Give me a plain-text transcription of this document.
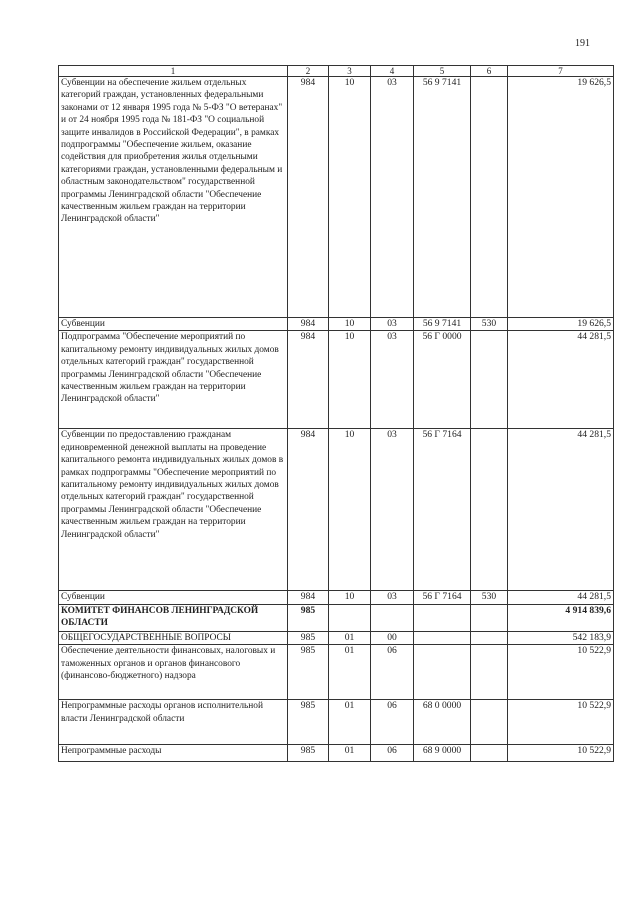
191
1	2	3	4	5	6	7
Субвенции на обеспечение жильем отдельных категорий граждан, установленных федеральными законами от 12 января 1995 года № 5-ФЗ "О ветеранах" и от 24 ноября 1995 года № 181-ФЗ "О социальной защите инвалидов в Российской Федерации", в рамках подпрограммы "Обеспечение жильем, оказание содействия для приобретения жилья отдельными категориями граждан, установленными федеральным и областным законодательством" государственной программы Ленинградской области "Обеспечение качественным жильем граждан на территории Ленинградской области"	984	10	03	56 9 7141		19 626,5
Субвенции	984	10	03	56 9 7141	530	19 626,5
Подпрограмма "Обеспечение мероприятий по капитальному ремонту индивидуальных жилых домов отдельных категорий граждан" государственной программы Ленинградской области "Обеспечение качественным жильем граждан на территории Ленинградской области"	984	10	03	56 Г 0000		44 281,5
Субвенции по предоставлению гражданам единовременной денежной выплаты на проведение капитального ремонта индивидуальных жилых домов в рамках подпрограммы "Обеспечение мероприятий по капитальному ремонту индивидуальных жилых домов отдельных категорий граждан" государственной программы Ленинградской области "Обеспечение качественным жильем граждан на территории Ленинградской области"	984	10	03	56 Г 7164		44 281,5
Субвенции	984	10	03	56 Г 7164	530	44 281,5
КОМИТЕТ ФИНАНСОВ ЛЕНИНГРАДСКОЙ ОБЛАСТИ	985					4 914 839,6
ОБЩЕГОСУДАРСТВЕННЫЕ ВОПРОСЫ	985	01	00			542 183,9
Обеспечение деятельности финансовых, налоговых и таможенных органов и органов финансового (финансово-бюджетного) надзора	985	01	06			10 522,9
Непрограммные расходы органов исполнительной власти Ленинградской области	985	01	06	68 0 0000		10 522,9
Непрограммные расходы	985	01	06	68 9 0000		10 522,9
